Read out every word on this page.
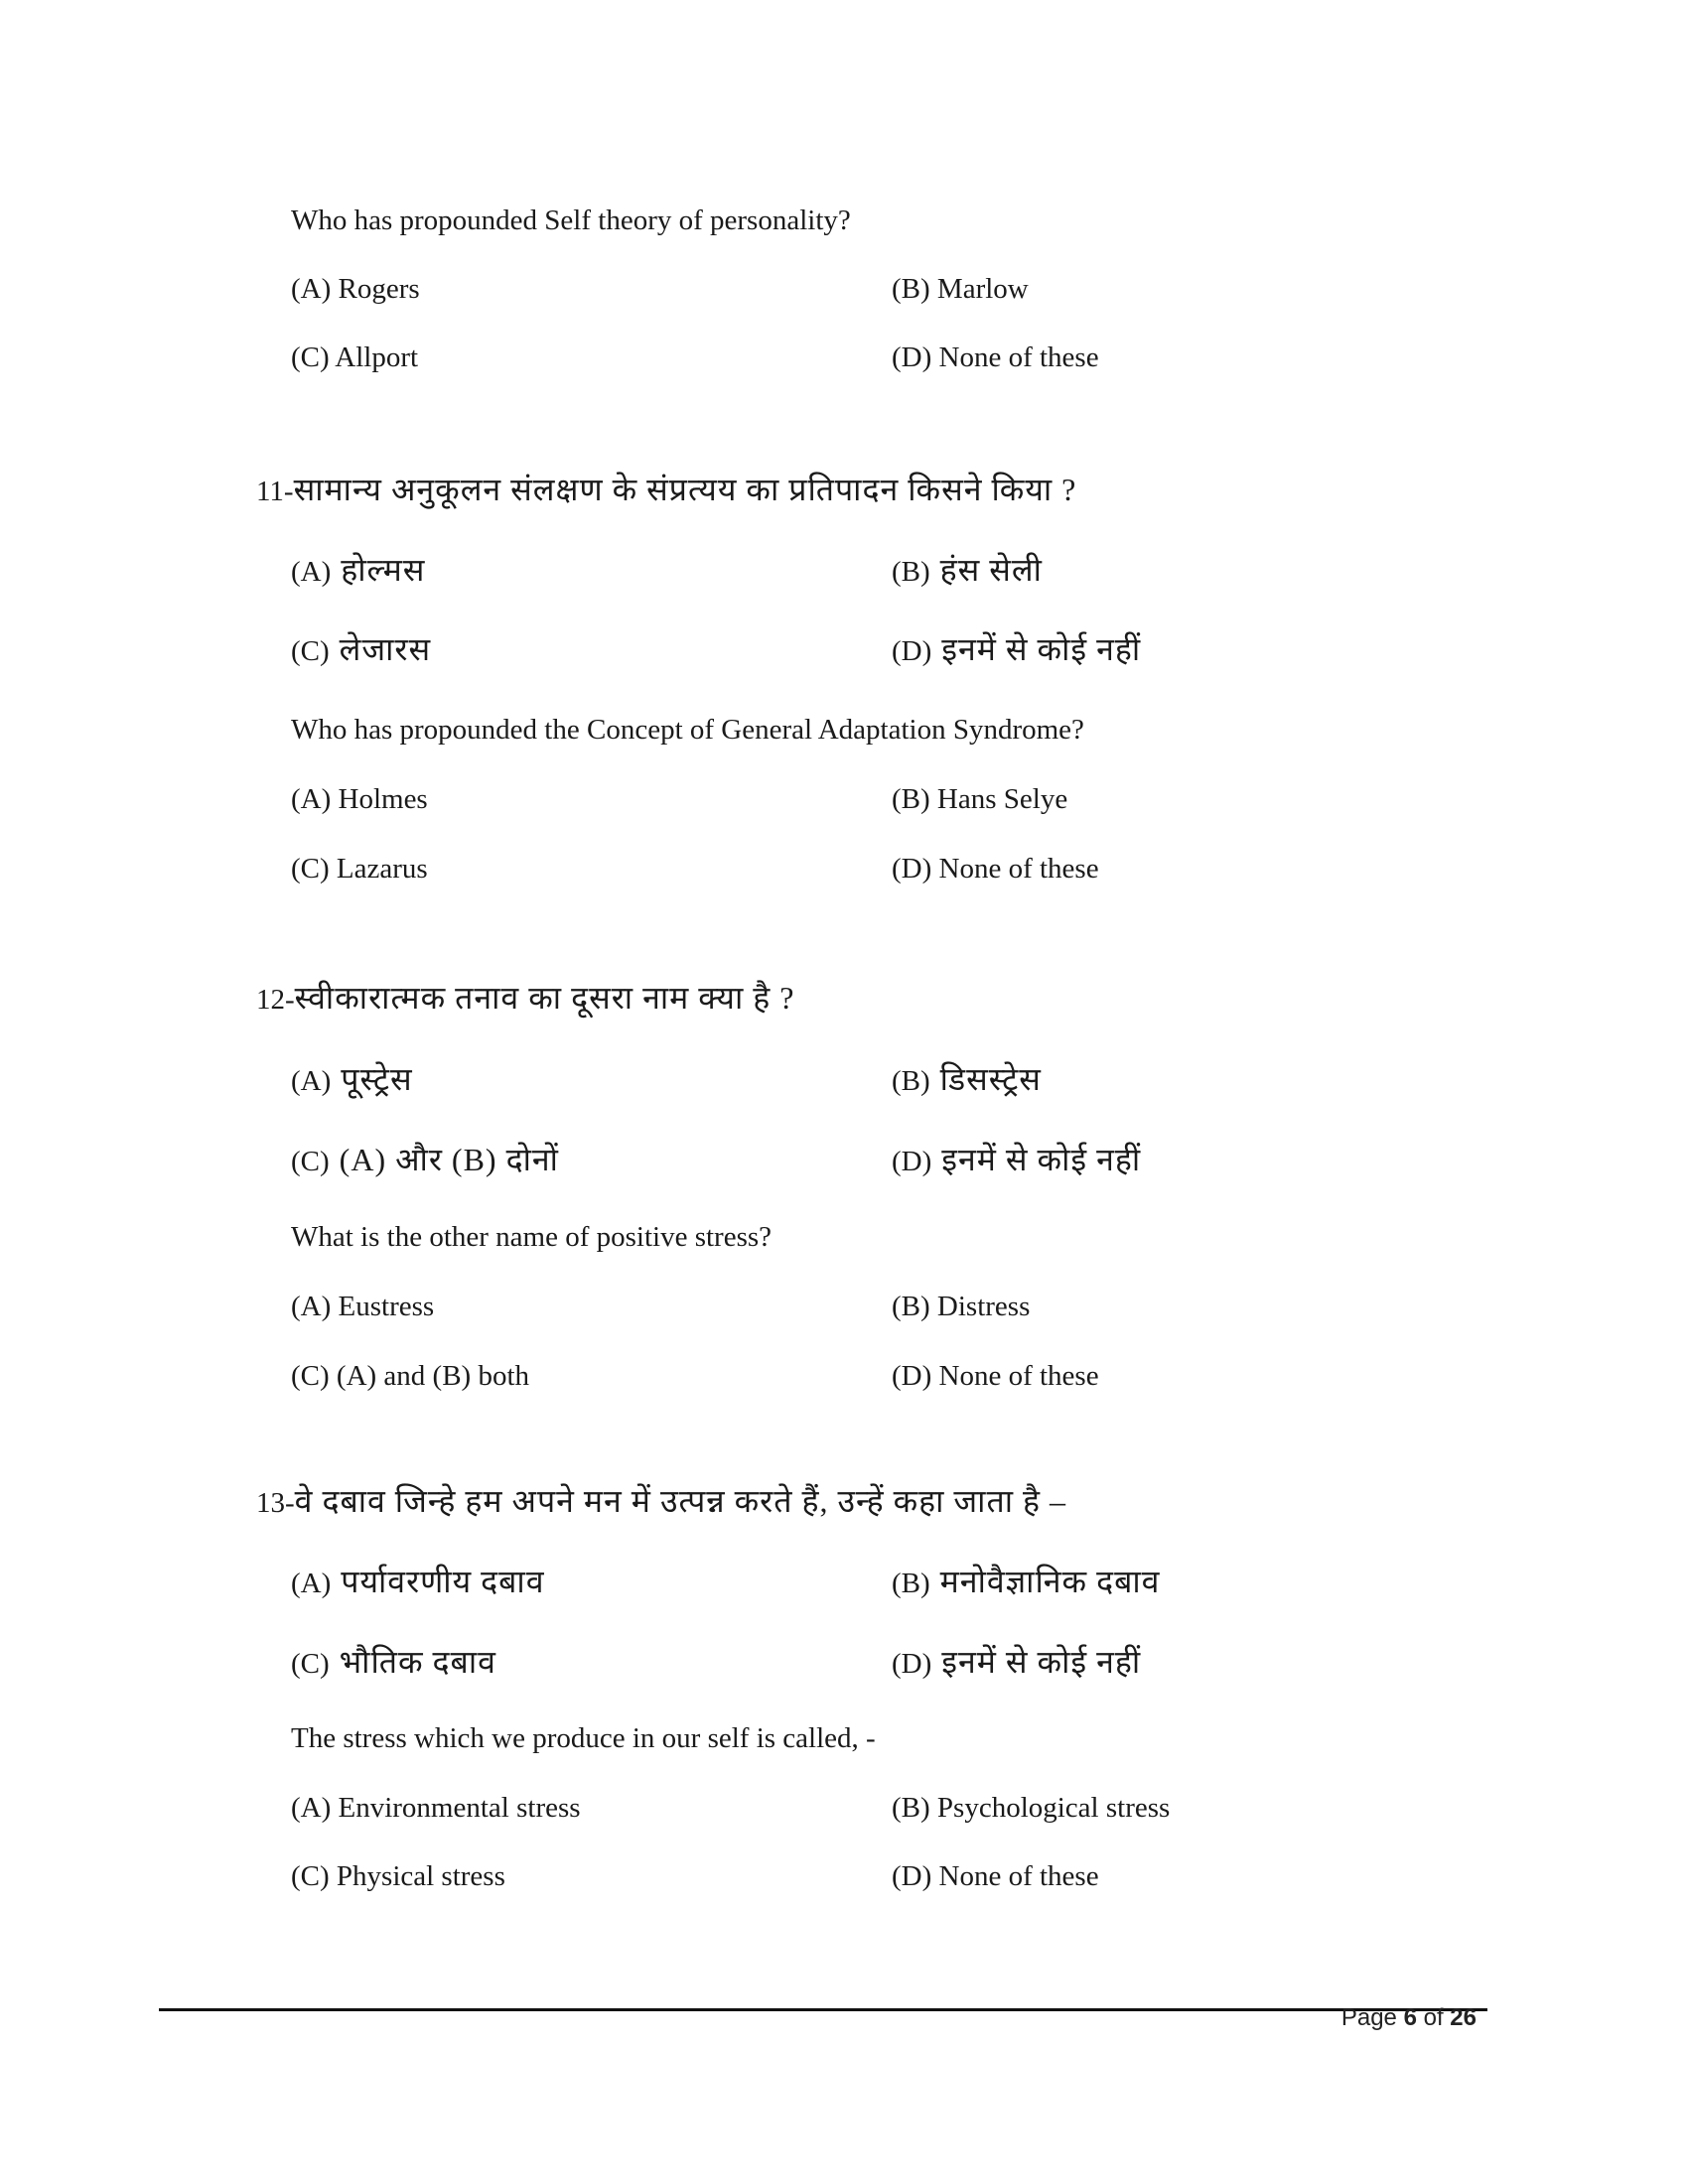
Who has propounded Self theory of personality?
(A) Rogers	(B) Marlow
(C) Allport	(D) None of these
11-सामान्य अनुकूलन संलक्षण के संप्रत्यय का प्रतिपादन किसने किया ?
(A) होल्मस	(B) हंस सेली
(C) लेजारस	(D) इनमें से कोई नहीं
Who has propounded the Concept of General Adaptation Syndrome?
(A) Holmes	(B) Hans Selye
(C) Lazarus	(D) None of these
12-स्वीकारात्मक तनाव का दूसरा नाम क्या है ?
(A) पूस्ट्रेस	(B) डिसस्ट्रेस
(C) (A) और (B) दोनों	(D) इनमें से कोई नहीं
What is the other name of positive stress?
(A) Eustress	(B) Distress
(C) (A) and (B) both	(D) None of these
13-वे दबाव जिन्हे हम अपने मन में उत्पन्न करते हैं, उन्हें कहा जाता है –
(A) पर्यावरणीय दबाव	(B) मनोवैज्ञानिक दबाव
(C) भौतिक दबाव	(D) इनमें से कोई नहीं
The stress which we produce in our self is called, -
(A) Environmental stress	(B) Psychological stress
(C) Physical stress	(D) None of these
Page 6 of 26
